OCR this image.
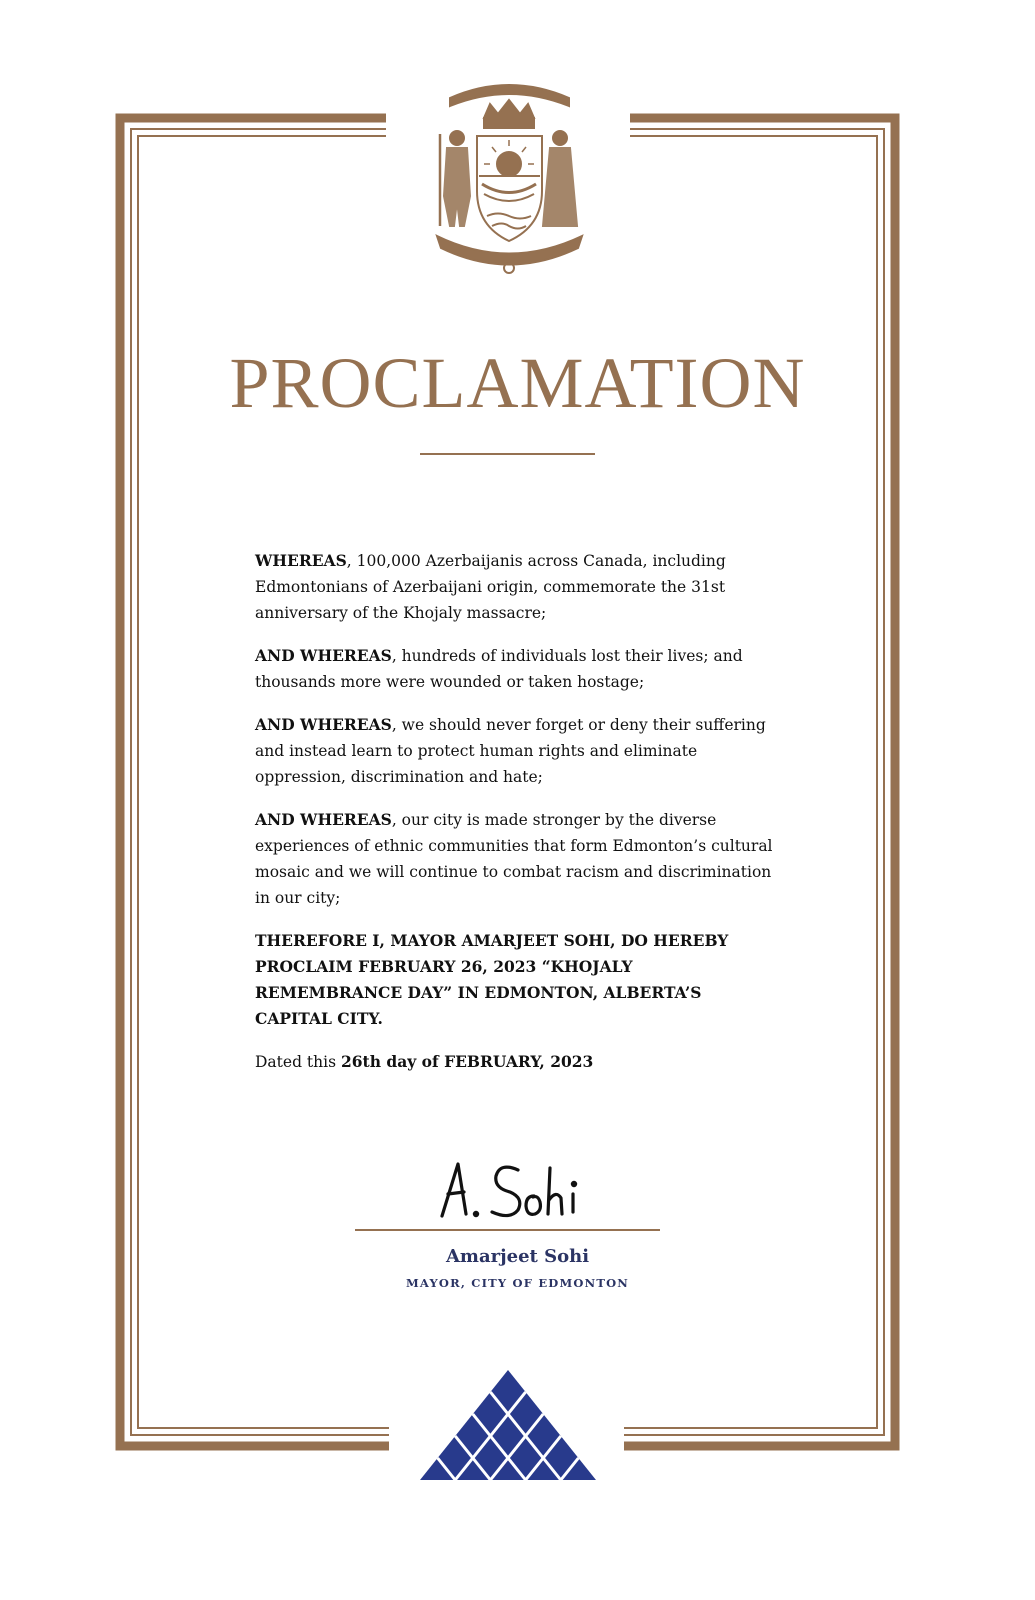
PROCLAMATION

WHEREAS, 100,000 Azerbaijanis across Canada, including Edmontonians of Azerbaijani origin, commemorate the 31st anniversary of the Khojaly massacre;

AND WHEREAS, hundreds of individuals lost their lives; and thousands more were wounded or taken hostage;

AND WHEREAS, we should never forget or deny their suffering and instead learn to protect human rights and eliminate oppression, discrimination and hate;

AND WHEREAS, our city is made stronger by the diverse experiences of ethnic communities that form Edmonton’s cultural mosaic and we will continue to combat racism and discrimination in our city;

THEREFORE I, MAYOR AMARJEET SOHI, DO HEREBY PROCLAIM FEBRUARY 26, 2023 “KHOJALY REMEMBRANCE DAY” IN EDMONTON, ALBERTA’S CAPITAL CITY.

Dated this 26th day of FEBRUARY, 2023

Amarjeet Sohi
MAYOR, CITY OF EDMONTON
